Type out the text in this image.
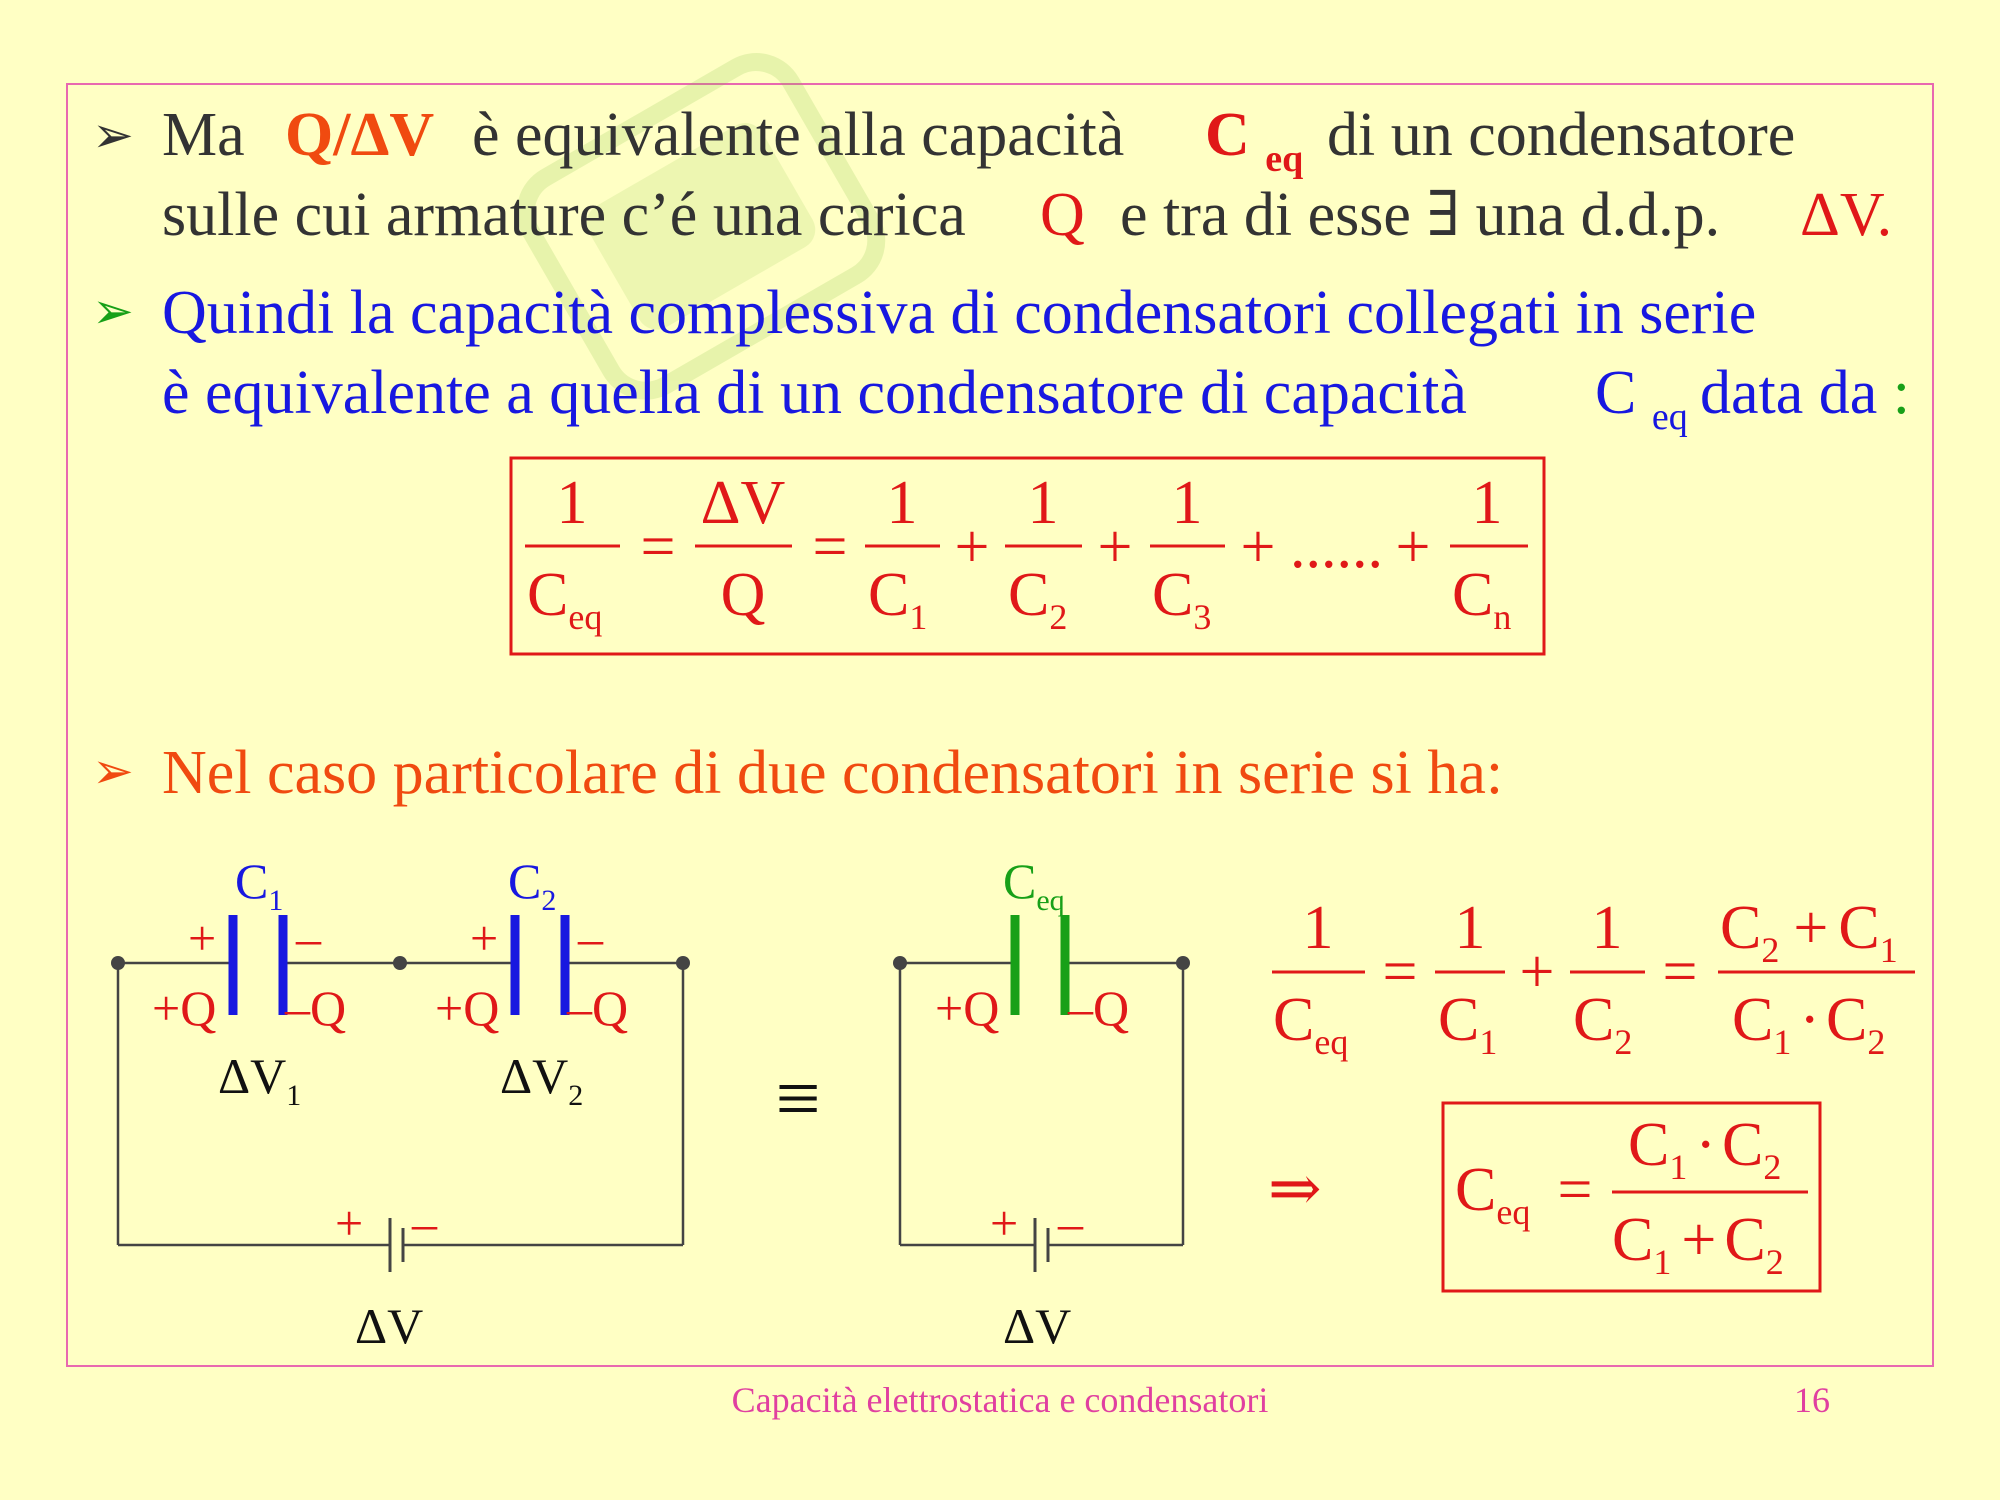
➢ Ma Q/ΔV è equivalente alla capacità C $_{eq}$ di un condensatore
sulle cui armature c’é una carica Q e tra di esse ∃ una d.d.p. ΔV.
➢ Quindi la capacità complessiva di condensatori collegati in serie
è equivalente a quella di un condensatore di capacità C $_{eq}$ data da :
1
$C_{eq}$
=
ΔV
Q
=
1
$C_1$
+
1
$C_2$
+
1
$C_3$
+ ...... +
1
$C_n$
➢ Nel caso particolare di due condensatori in serie si ha:
$C_1$	$C_2$
+ –	+ –
+Q –Q +Q –Q
$\Delta V_1$	$\Delta V_2$
+ –
ΔV
≡
$C_{eq}$
+Q –Q
+ –
ΔV
1
$C_{eq}$
=
1
$C_1$
+
1
$C_2$
=
$C_2 + C_1$
$C_1 \cdot C_2$
⇒ $C_{eq}$ =
$C_1 \cdot C_2$
$C_1 + C_2$
Capacità elettrostatica e condensatori	16
